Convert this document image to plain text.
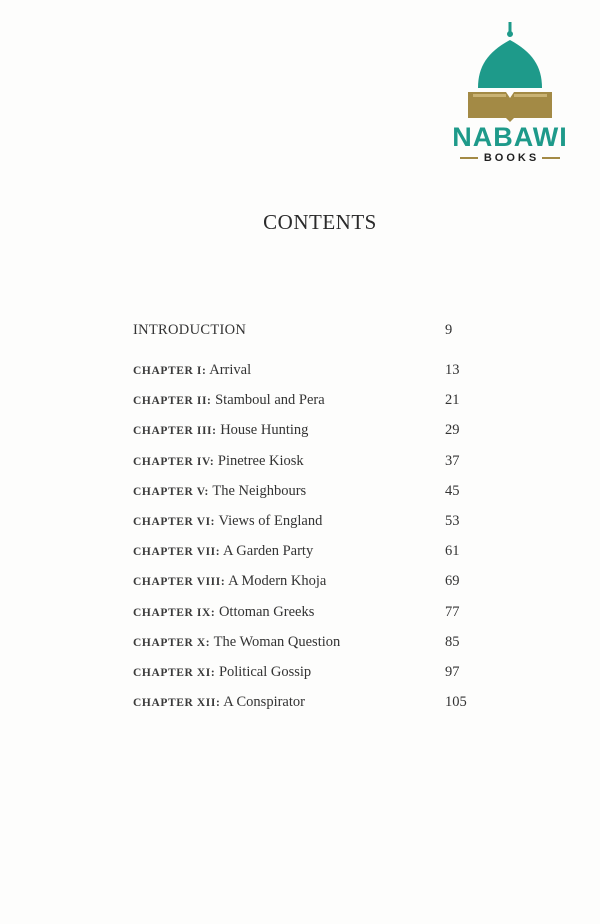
NABAWI
BOOKS
CONTENTS
INTRODUCTION	9
CHAPTER I: Arrival	13
CHAPTER II: Stamboul and Pera	21
CHAPTER III: House Hunting	29
CHAPTER IV: Pinetree Kiosk	37
CHAPTER V: The Neighbours	45
CHAPTER VI: Views of England	53
CHAPTER VII: A Garden Party	61
CHAPTER VIII: A Modern Khoja	69
CHAPTER IX: Ottoman Greeks	77
CHAPTER X: The Woman Question	85
CHAPTER XI: Political Gossip	97
CHAPTER XII: A Conspirator	105
